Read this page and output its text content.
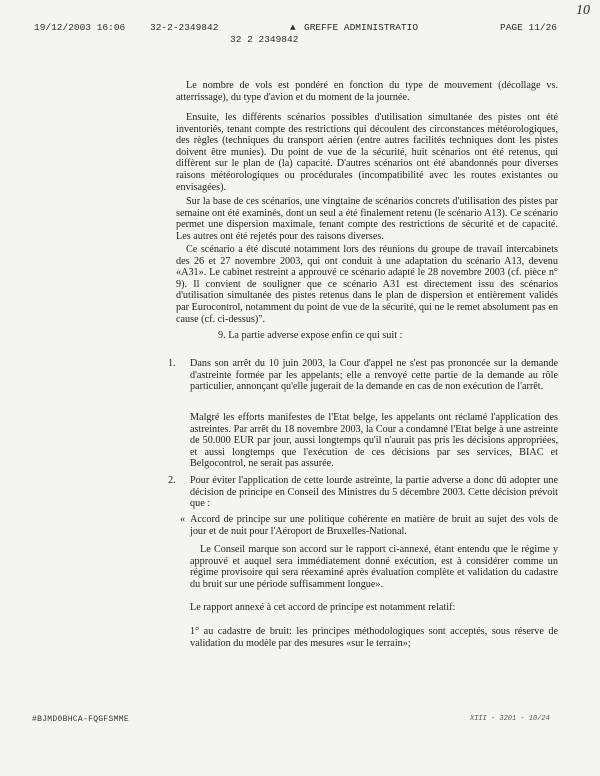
19/12/2003 16:06	32-2-2349842	▲ GREFFE ADMINISTRATIO	PAGE 11/26
32 2 2349842
10

Le nombre de vols est pondéré en fonction du type de mouvement (décollage vs. atterrissage), du type d'avion et du moment de la journée.

Ensuite, les différents scénarios possibles d'utilisation simultanée des pistes ont été inventoriés, tenant compte des restrictions qui découlent des circonstances météorologiques, des règles (techniques du transport aérien (entre autres facilités techniques dont les pistes doivent être munies). Du point de vue de la sécurité, huit scénarios ont été retenus, qui diffèrent sur le plan de (la) capacité. D'autres scénarios ont été abandonnés pour diverses raisons météorologiques ou procédurales (incompatibilité avec les routes existantes ou envisagées).

Sur la base de ces scénarios, une vingtaine de scénarios concrets d'utilisation des pistes par semaine ont été examinés, dont un seul a été finalement retenu (le scénario A13). Ce scénario permet une dispersion maximale, tenant compte des restrictions de sécurité et de capacité. Les autres ont été rejetés pour des raisons diverses.

Ce scénario a été discuté notamment lors des réunions du groupe de travail intercabinets des 26 et 27 novembre 2003, qui ont conduit à une adaptation du scénario A13, devenu «A31». Le cabinet restreint a approuvé ce scénario adapté le 28 novembre 2003 (cf. pièce n° 9). Il convient de souligner que ce scénario A31 est directement issu des scénarios d'utilisation simultanée des pistes retenus dans le plan de dispersion et entièrement validés par Eurocontrol, notamment du point de vue de la sécurité, qui ne le remet absolument pas en cause (cf. ci-dessus)".

9. La partie adverse expose enfin ce qui suit :

1. Dans son arrêt du 10 juin 2003, la Cour d'appel ne s'est pas prononcée sur la demande d'astreinte formée par les appelants; elle a renvoyé cette partie de la demande au rôle particulier, annonçant qu'elle jugerait de la demande en cas de non exécution de l'arrêt.

Malgré les efforts manifestes de l'Etat belge, les appelants ont réclamé l'application des astreintes. Par arrêt du 18 novembre 2003, la Cour a condamné l'Etat belge à une astreinte de 50.000 EUR par jour, aussi longtemps qu'il n'aurait pas pris les décisions appropriées, et aussi longtemps que l'exécution de ces décisions par ses services, BIAC et Belgocontrol, ne serait pas assurée.

2. Pour éviter l'application de cette lourde astreinte, la partie adverse a donc dû adopter une décision de principe en Conseil des Ministres du 5 décembre 2003. Cette décision prévoit que :

« Accord de principe sur une politique cohérente en matière de bruit au sujet des vols de jour et de nuit pour l'Aéroport de Bruxelles-National.

Le Conseil marque son accord sur le rapport ci-annexé, étant entendu que le régime y approuvé et auquel sera immédiatement donné exécution, est à considérer comme un régime provisoire qui sera réexaminé après évaluation complète et validation du cadastre du bruit sur une période suffisamment longue».

Le rapport annexé à cet accord de principe est notamment relatif:

1° au cadastre de bruit: les principes méthodologiques sont acceptés, sous réserve de validation du modèle par des mesures «sur le terrain»;

#BJMD0BHCA-FQGFSMME	XIII - 3201 - 10/24
